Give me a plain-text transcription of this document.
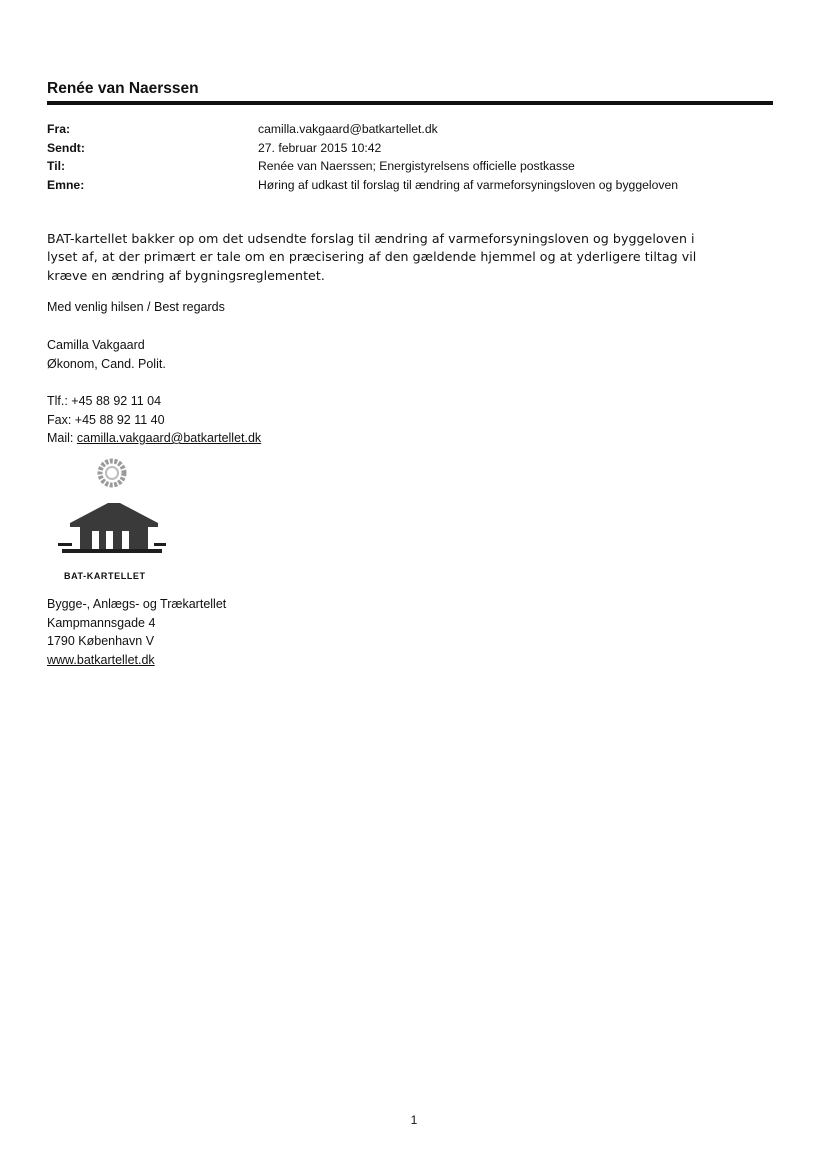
Renée van Naerssen
Fra:	camilla.vakgaard@batkartellet.dk
Sendt:	27. februar 2015 10:42
Til:	Renée van Naerssen; Energistyrelsens officielle postkasse
Emne:	Høring af udkast til forslag til ændring af varmeforsyningsloven og byggeloven
BAT-kartellet bakker op om det udsendte forslag til ændring af varmeforsyningsloven og byggeloven i
lyset af, at der primært er tale om en præcisering af den gældende hjemmel og at yderligere tiltag vil
kræve en ændring af bygningsreglementet.
Med venlig hilsen / Best regards
Camilla Vakgaard
Økonom, Cand. Polit.
Tlf.: +45 88 92 11 04
Fax: +45 88 92 11 40
Mail: camilla.vakgaard@batkartellet.dk
BAT-KARTELLET
Bygge-, Anlægs- og Trækartellet
Kampmannsgade 4
1790 København V
www.batkartellet.dk
1
